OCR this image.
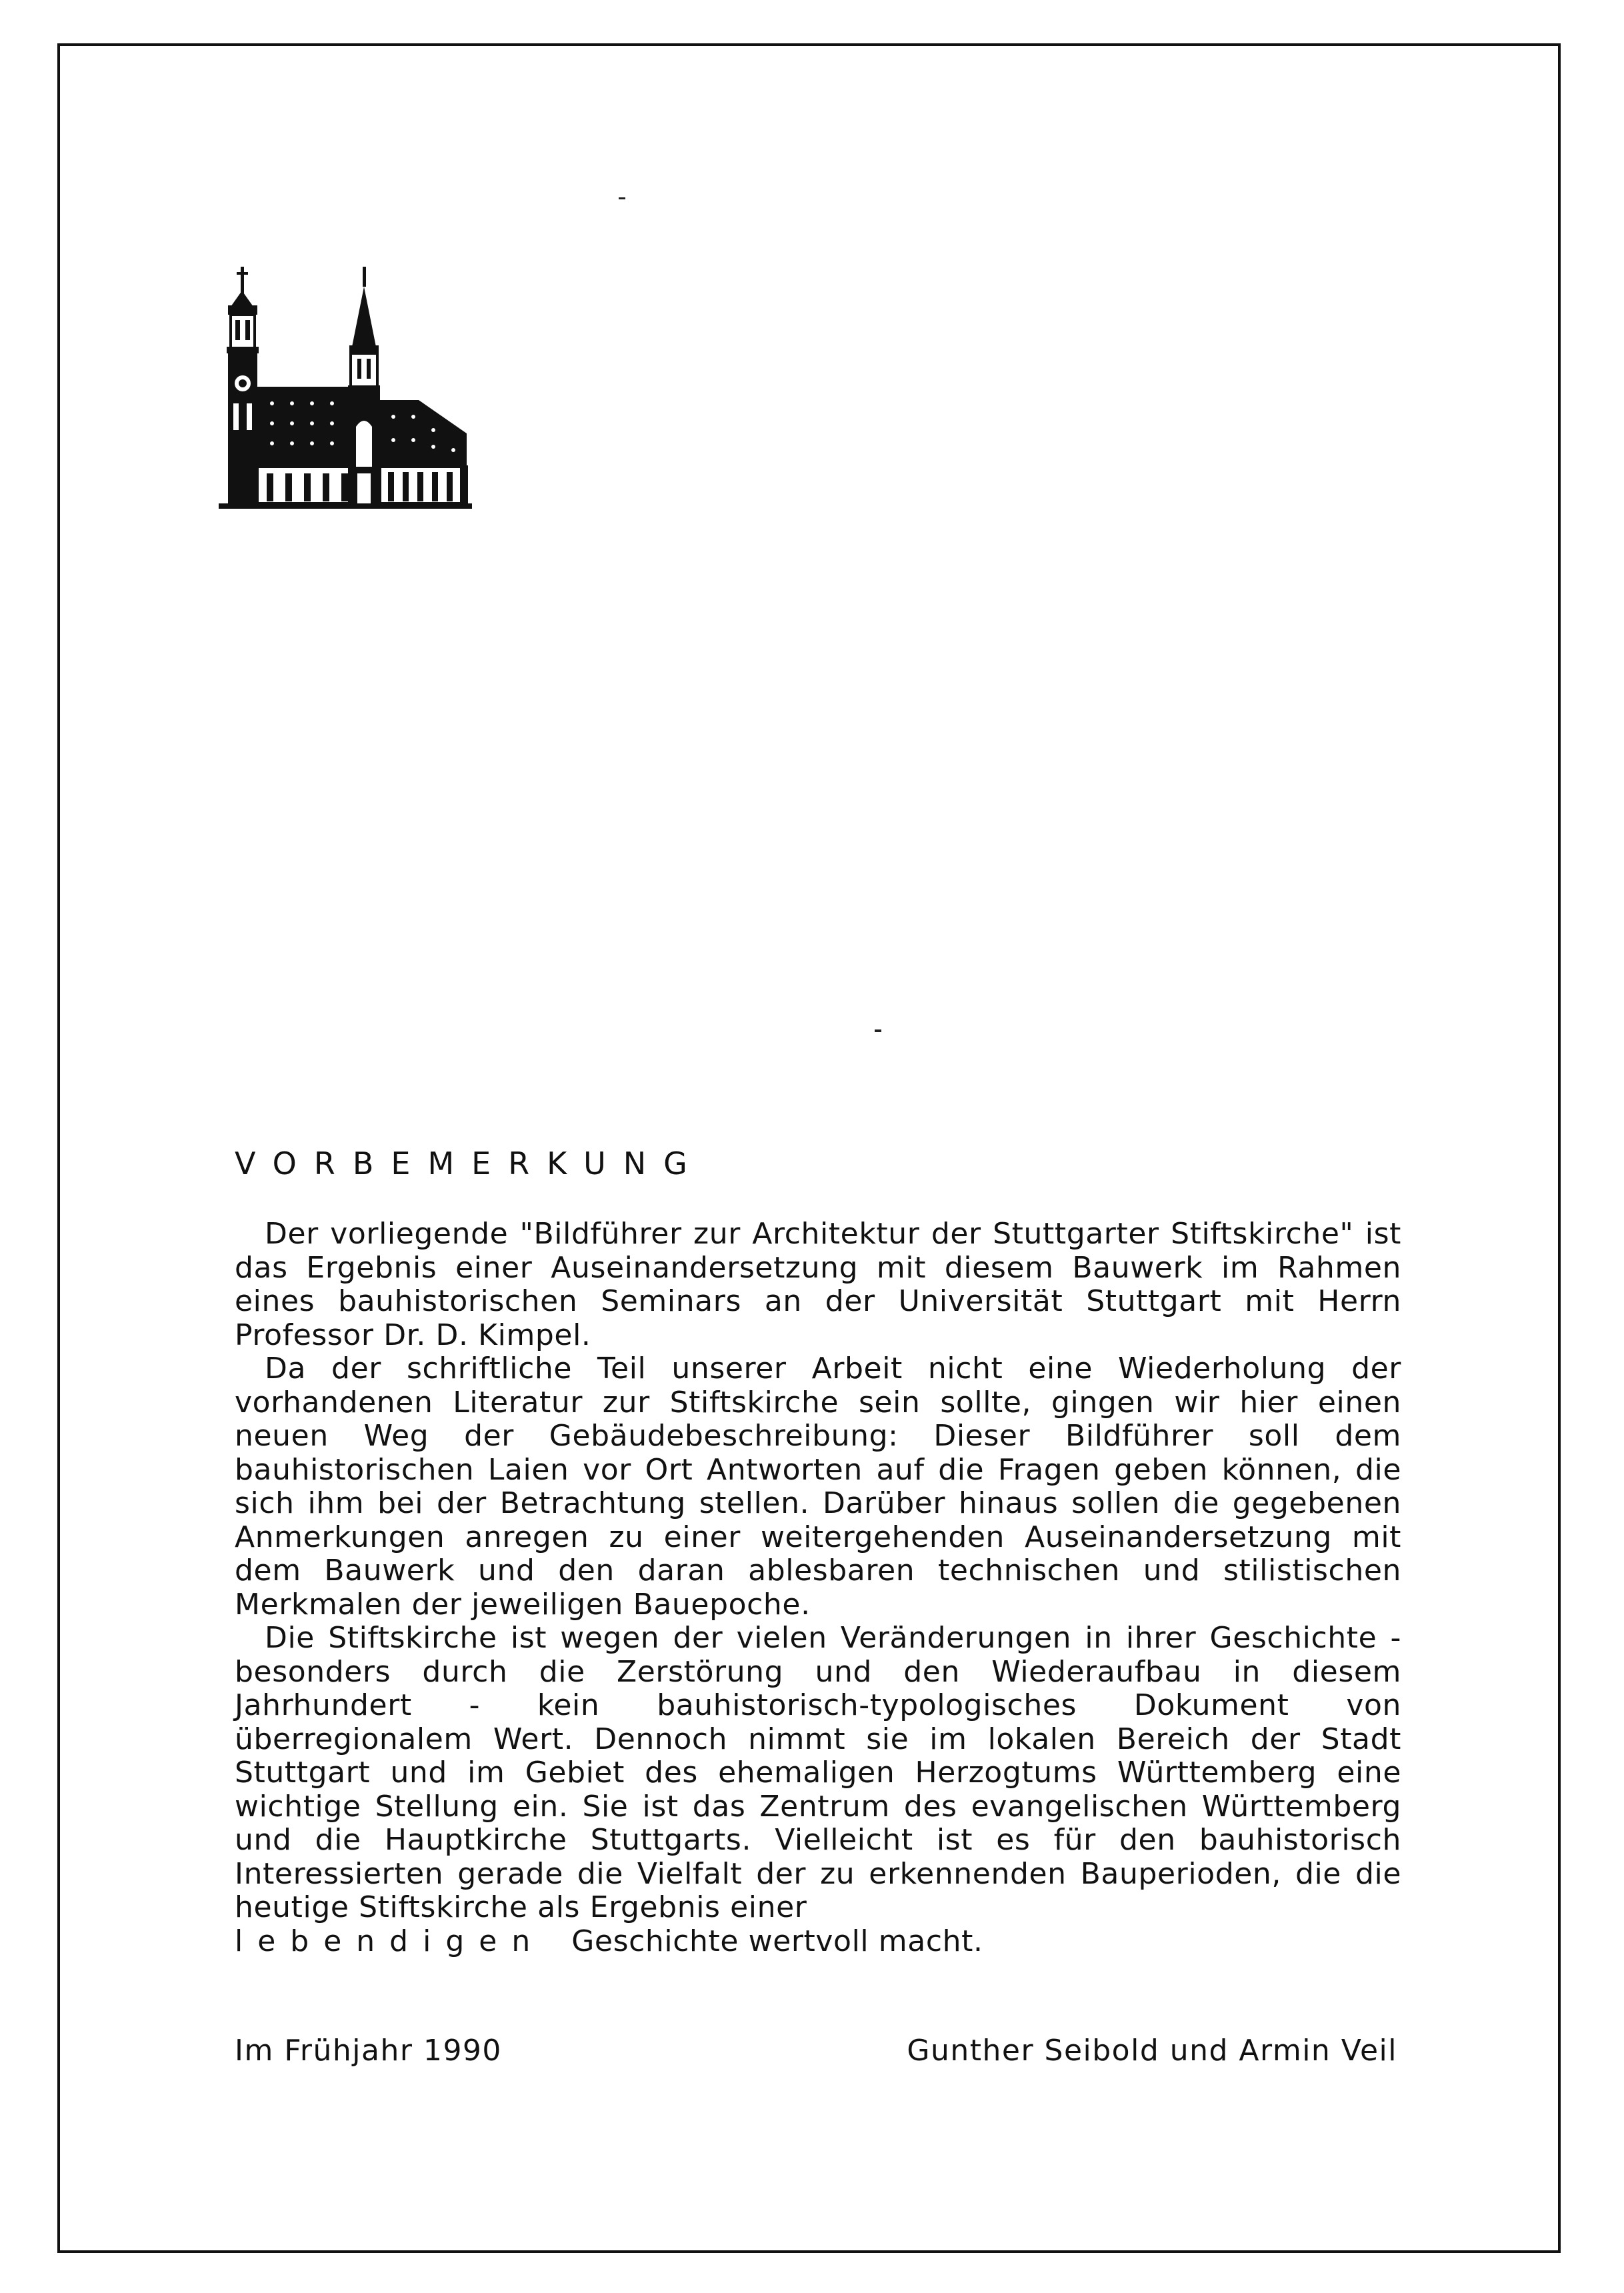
VORBEMERKUNG

Der vorliegende "Bildführer zur Architektur der Stuttgarter Stiftskirche" ist das Ergebnis einer Auseinandersetzung mit diesem Bauwerk im Rahmen eines bauhistorischen Seminars an der Universität Stuttgart mit Herrn Professor Dr. D. Kimpel.

Da der schriftliche Teil unserer Arbeit nicht eine Wiederholung der vorhandenen Literatur zur Stiftskirche sein sollte, gingen wir hier einen neuen Weg der Gebäudebeschreibung: Dieser Bildführer soll dem bauhistorischen Laien vor Ort Antworten auf die Fragen geben können, die sich ihm bei der Betrachtung stellen. Darüber hinaus sollen die gegebenen Anmerkungen anregen zu einer weitergehenden Auseinandersetzung mit dem Bauwerk und den daran ablesbaren technischen und stilistischen Merkmalen der jeweiligen Bauepoche.

Die Stiftskirche ist wegen der vielen Veränderungen in ihrer Geschichte - besonders durch die Zerstörung und den Wiederaufbau in diesem Jahrhundert - kein bauhistorisch-typologisches Dokument von überregionalem Wert. Dennoch nimmt sie im lokalen Bereich der Stadt Stuttgart und im Gebiet des ehemaligen Herzogtums Württemberg eine wichtige Stellung ein. Sie ist das Zentrum des evangelischen Württemberg und die Hauptkirche Stuttgarts. Vielleicht ist es für den bauhistorisch Interessierten gerade die Vielfalt der zu erkennenden Bauperioden, die die heutige Stiftskirche als Ergebnis einer

lebendigen Geschichte wertvoll macht.

Im Frühjahr 1990	Gunther Seibold und Armin Veil
